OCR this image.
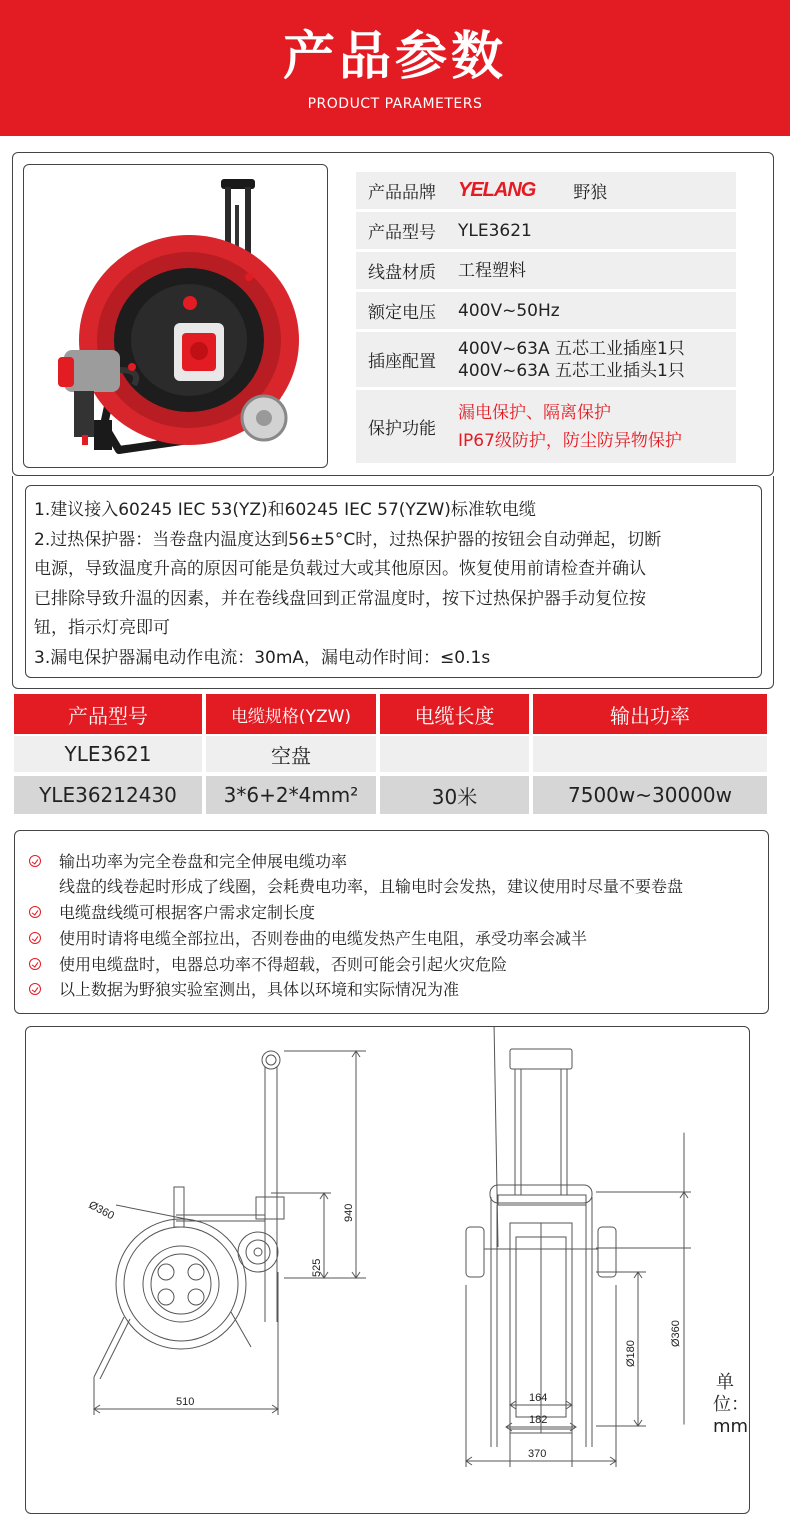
产品参数
PRODUCT PARAMETERS
产品品牌 YELANG 野狼
产品型号 YLE3621
线盘材质 工程塑料
额定电压 400V~50Hz
插座配置
400V~63A 五芯工业插座1只
400V~63A 五芯工业插头1只
保护功能
漏电保护、隔离保护
IP67级防护，防尘防异物保护

1.建议接入60245 IEC 53(YZ)和60245 IEC 57(YZW)标准软电缆

2.过热保护器：当卷盘内温度达到56±5°C时，过热保护器的按钮会自动弹起，切断

电源，导致温度升高的原因可能是负载过大或其他原因。恢复使用前请检查并确认

已排除导致升温的因素，并在卷线盘回到正常温度时，按下过热保护器手动复位按

钮，指示灯亮即可

3.漏电保护器漏电动作电流：30mA，漏电动作时间：≤0.1s

产品型号	电缆规格(YZW)	电缆长度	输出功率
YLE3621	空盘
YLE36212430	3*6+2*4mm²	30米	7500w~30000w
输出功率为完全卷盘和完全伸展电缆功率
线盘的线卷起时形成了线圈，会耗费电功率，且输电时会发热，建议使用时尽量不要卷盘
电缆盘线缆可根据客户需求定制长度
使用时请将电缆全部拉出，否则卷曲的电缆发热产生电阻，承受功率会减半
使用电缆盘时，电器总功率不得超载，否则可能会引起火灾危险
以上数据为野狼实验室测出，具体以环境和实际情况为准
Ø360	940
525
510
Ø180
Ø360
164
182
370
单位：mm
